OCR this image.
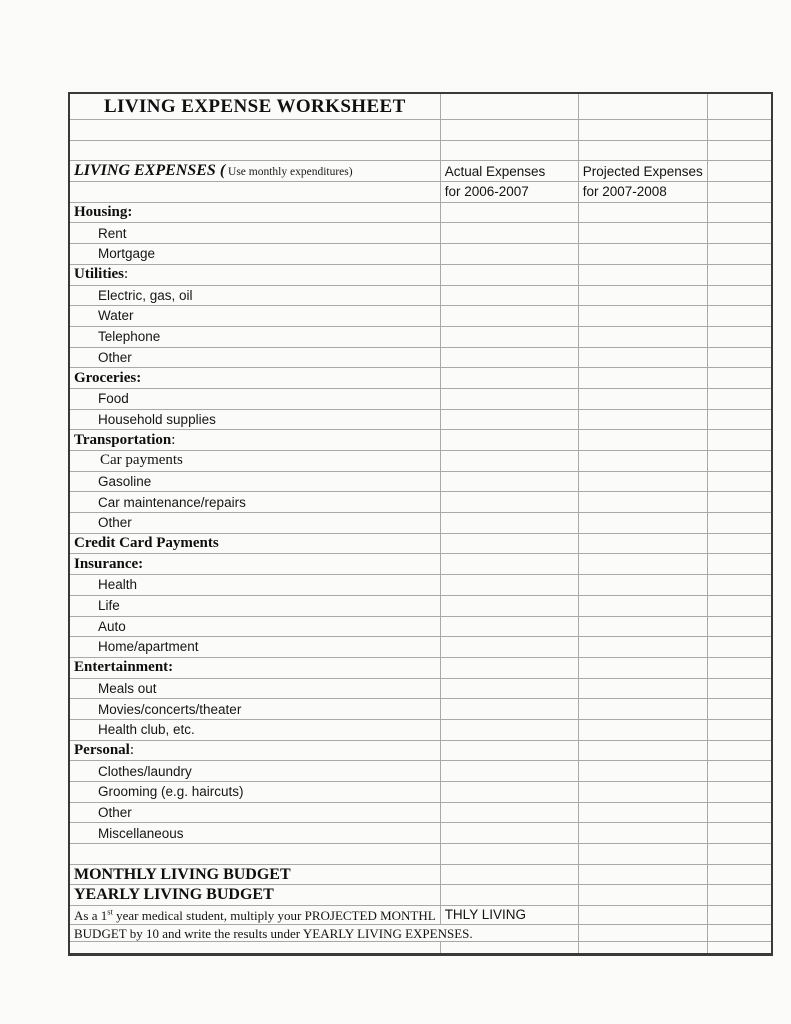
LIVING EXPENSE WORKSHEET			

LIVING EXPENSES ( Use monthly expenditures)	Actual Expenses	Projected Expenses	
	for 2006-2007	for 2007-2008	
Housing:			
Rent			
Mortgage			
Utilities:			
Electric, gas, oil			
Water			
Telephone			
Other			
Groceries:			
Food			
Household supplies			
Transportation:			
Car payments			
Gasoline			
Car maintenance/repairs			
Other			
Credit Card Payments			
Insurance:			
Health			
Life			
Auto			
Home/apartment			
Entertainment:			
Meals out			
Movies/concerts/theater			
Health club, etc.			
Personal:			
Clothes/laundry			
Grooming (e.g. haircuts)			
Other			
Miscellaneous			

MONTHLY LIVING BUDGET			
YEARLY LIVING BUDGET			
As a 1st year medical student, multiply your PROJECTED MONTHL	THLY LIVING		
BUDGET by 10 and write the results under YEARLY LIVING EXPENSES.			
